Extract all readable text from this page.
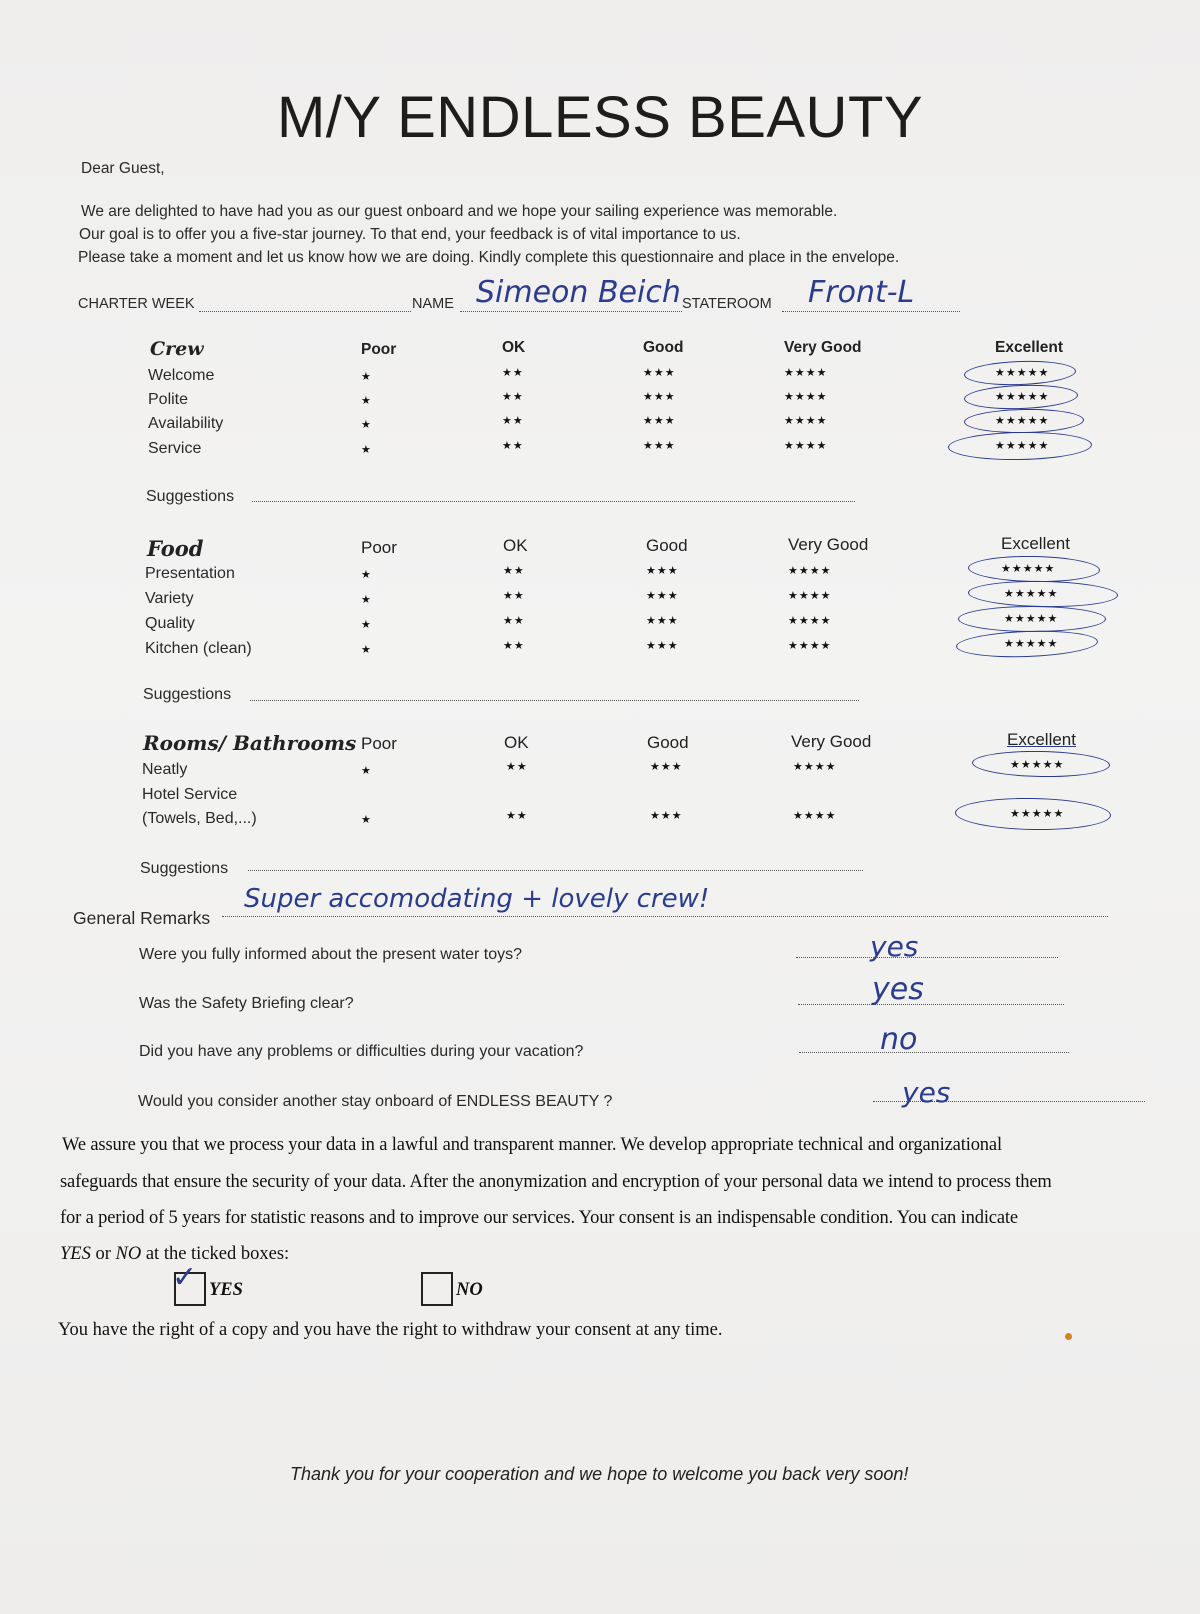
M/Y ENDLESS BEAUTY
Dear Guest,
We are delighted to have had you as our guest onboard and we hope your sailing experience was memorable.
Our goal is to offer you a five-star journey. To that end, your feedback is of vital importance to us.
Please take a moment and let us know how we are doing. Kindly complete this questionnaire and place in the envelope.
CHARTER WEEK	NAME Simeon Beich STATEROOM Front-L
Crew	Poor	OK	Good	Very Good	Excellent
Welcome	★	★★	★★★	★★★★	★★★★★
Polite	★	★★	★★★	★★★★	★★★★★
Availability	★	★★	★★★	★★★★	★★★★★
Service	★	★★	★★★	★★★★	★★★★★
Suggestions
Food	Poor	OK	Good	Very Good	Excellent
Presentation	★	★★	★★★	★★★★	★★★★★
Variety	★	★★	★★★	★★★★	★★★★★
Quality	★	★★	★★★	★★★★	★★★★★
Kitchen (clean)	★	★★	★★★	★★★★	★★★★★
Suggestions
Rooms/ Bathrooms Poor	OK	Good	Very Good	Excellent
Neatly	★	★★	★★★	★★★★	★★★★★
Hotel Service
(Towels, Bed,...)	★	★★	★★★	★★★★	★★★★★
Suggestions
General Remarks
Super accomodating + lovely crew!
Were you fully informed about the present water toys?	yes
Was the Safety Briefing clear?	yes
Did you have any problems or difficulties during your vacation?	no
Would you consider another stay onboard of ENDLESS BEAUTY ?	yes
We assure you that we process your data in a lawful and transparent manner. We develop appropriate technical and organizational
safeguards that ensure the security of your data. After the anonymization and encryption of your personal data we intend to process them
for a period of 5 years for statistic reasons and to improve our services. Your consent is an indispensable condition. You can indicate
YES or NO at the ticked boxes:
✓ YES	NO
You have the right of a copy and you have the right to withdraw your consent at any time.
Thank you for your cooperation and we hope to welcome you back very soon!
